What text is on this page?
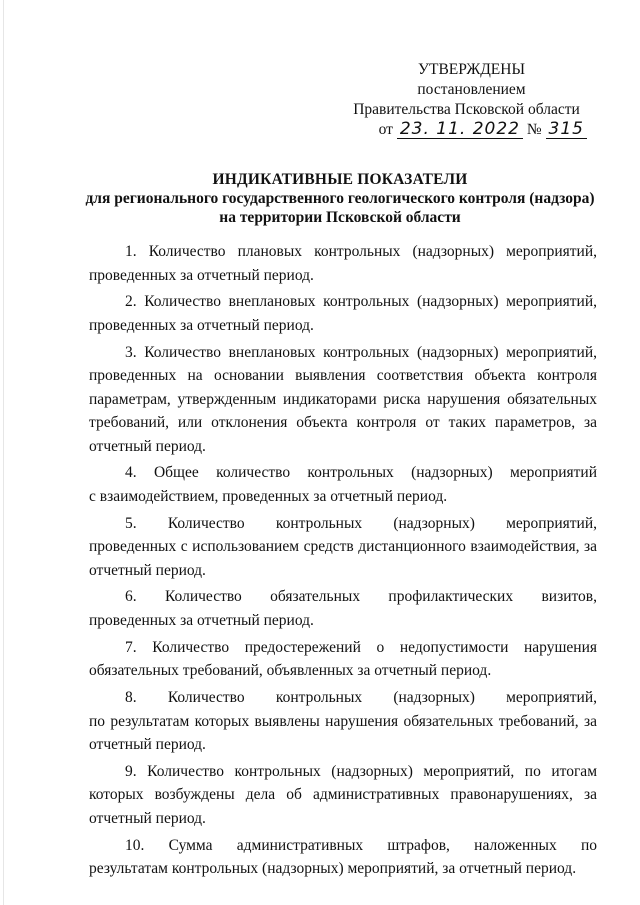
УТВЕРЖДЕНЫ
постановлением
Правительства Псковской области
от 23. 11. 2022 № 315
ИНДИКАТИВНЫЕ ПОКАЗАТЕЛИ
для регионального государственного геологического контроля (надзора)
на территории Псковской области
1. Количество плановых контрольных (надзорных) мероприятий,
проведенных за отчетный период.
2. Количество внеплановых контрольных (надзорных) мероприятий,
проведенных за отчетный период.
3. Количество внеплановых контрольных (надзорных) мероприятий,
проведенных на основании выявления соответствия объекта контроля параметрам, утвержденным индикаторами риска нарушения обязательных требований, или отклонения объекта контроля от таких параметров, за отчетный период.
4. Общее количество контрольных (надзорных) мероприятий
с взаимодействием, проведенных за отчетный период.
5. Количество контрольных (надзорных) мероприятий,
проведенных с использованием средств дистанционного взаимодействия, за отчетный период.
6. Количество обязательных профилактических визитов,
проведенных за отчетный период.
7. Количество предостережений о недопустимости нарушения
обязательных требований, объявленных за отчетный период.
8. Количество контрольных (надзорных) мероприятий,
по результатам которых выявлены нарушения обязательных требований, за отчетный период.
9. Количество контрольных (надзорных) мероприятий, по итогам
которых возбуждены дела об административных правонарушениях, за отчетный период.
10. Сумма административных штрафов, наложенных по
результатам контрольных (надзорных) мероприятий, за отчетный период.
